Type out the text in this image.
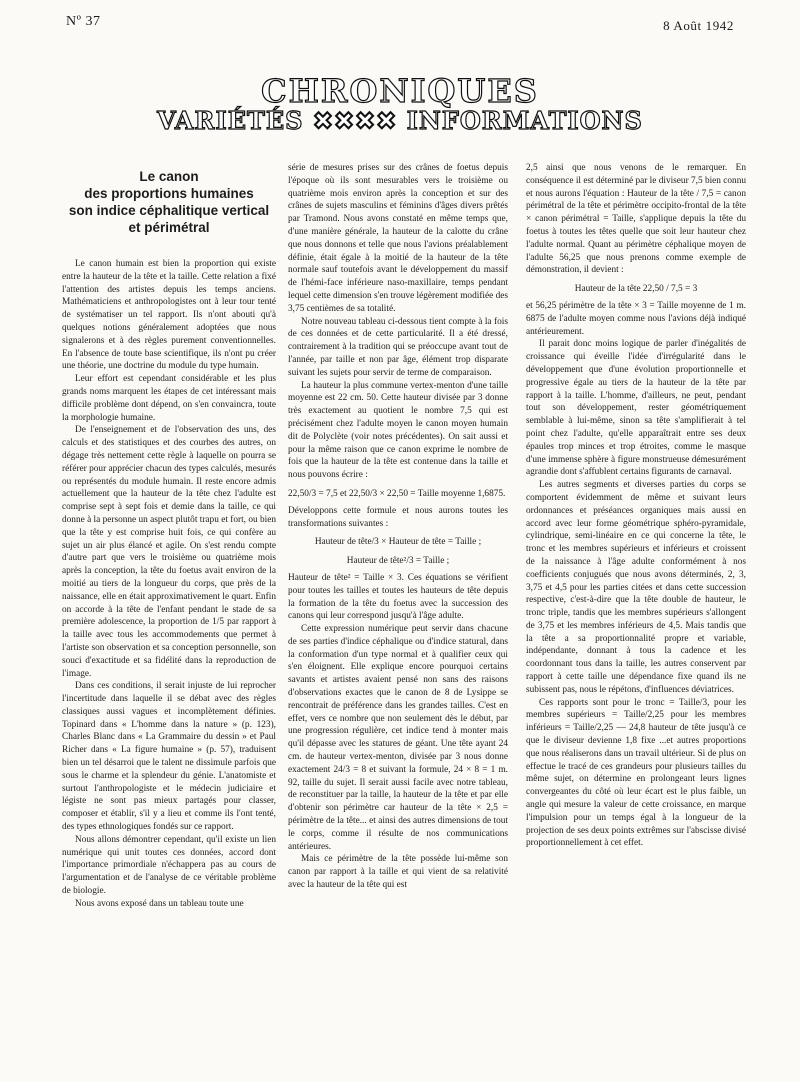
Nº 37	8 Août 1942
CHRONIQUES
VARIÉTÉS ✖✖✖✖ INFORMATIONS
Le canon
des proportions humaines
son indice céphalitique vertical
et périmétral

Le canon humain est bien la proportion qui existe entre la hauteur de la tête et la taille. Cette relation a fixé l'attention des artistes depuis les temps anciens. Mathématiciens et anthropologistes ont à leur tour tenté de systématiser un tel rapport. Ils n'ont abouti qu'à quelques notions généralement adoptées que nous signalerons et à des règles purement conventionnelles. En l'absence de toute base scientifique, ils n'ont pu créer une théorie, une doctrine du module du type humain.

Leur effort est cependant considérable et les plus grands noms marquent les étapes de cet intéressant mais difficile problème dont dépend, on s'en convaincra, toute la morphologie humaine.

De l'enseignement et de l'observation des uns, des calculs et des statistiques et des courbes des autres, on dégage très nettement cette règle à laquelle on pourra se référer pour apprécier chacun des types calculés, mesurés ou représentés du module humain. Il reste encore admis actuellement que la hauteur de la tête chez l'adulte est comprise sept à sept fois et demie dans la taille, ce qui donne à la personne un aspect plutôt trapu et fort, ou bien que la tête y est comprise huit fois, ce qui confère au sujet un air plus élancé et agile. On s'est rendu compte d'autre part que vers le troisième ou quatrième mois après la conception, la tête du foetus avait environ de la moitié au tiers de la longueur du corps, que près de la naissance, elle en était approximativement le quart. Enfin on accorde à la tête de l'enfant pendant le stade de sa première adolescence, la proportion de 1/5 par rapport à la taille avec tous les accommodements que permet à l'artiste son observation et sa conception personnelle, son souci d'exactitude et sa fidélité dans la reproduction de l'image.

Dans ces conditions, il serait injuste de lui reprocher l'incertitude dans laquelle il se débat avec des règles classiques aussi vagues et incomplètement définies. Topinard dans « L'homme dans la nature » (p. 123), Charles Blanc dans « La Grammaire du dessin » et Paul Richer dans « La figure humaine » (p. 57), traduisent bien un tel désarroi que le talent ne dissimule parfois que sous le charme et la splendeur du génie. L'anatomiste et surtout l'anthropologiste et le médecin judiciaire et légiste ne sont pas mieux partagés pour classer, composer et établir, s'il y a lieu et comme ils l'ont tenté, des types ethnologiques fondés sur ce rapport.

Nous allons démontrer cependant, qu'il existe un lien numérique qui unit toutes ces données, accord dont l'importance primordiale n'échappera pas au cours de l'argumentation et de l'analyse de ce véritable problème de biologie.

Nous avons exposé dans un tableau toute une

série de mesures prises sur des crânes de foetus depuis l'époque où ils sont mesurables vers le troisième ou quatrième mois environ après la conception et sur des crânes de sujets masculins et féminins d'âges divers prêtés par Tramond. Nous avons constaté en même temps que, d'une manière générale, la hauteur de la calotte du crâne que nous donnons et telle que nous l'avions préalablement définie, était égale à la moitié de la hauteur de la tête normale sauf toutefois avant le développement du massif de l'hémi-face inférieure naso-maxillaire, temps pendant lequel cette dimension s'en trouve légèrement modifiée des 3,75 centièmes de sa totalité.

Notre nouveau tableau ci-dessous tient compte à la fois de ces données et de cette particularité. Il a été dressé, contrairement à la tradition qui se préoccupe avant tout de l'année, par taille et non par âge, élément trop disparate suivant les sujets pour servir de terme de comparaison.

La hauteur la plus commune vertex-menton d'une taille moyenne est 22 cm. 50. Cette hauteur divisée par 3 donne très exactement au quotient le nombre 7,5 qui est précisément chez l'adulte moyen le canon moyen humain dit de Polyclète (voir notes précédentes). On sait aussi et pour la même raison que ce canon exprime le nombre de fois que la hauteur de la tête est contenue dans la taille et nous pouvons écrire :

22,50/3 = 7,5 et 22,50/3 × 22,50 = Taille moyenne 1,6875.

Développons cette formule et nous aurons toutes les transformations suivantes :

Hauteur de tête/3 × Hauteur de tête = Taille ;
Hauteur de tête²/3 = Taille ;

Hauteur de tête² = Taille × 3. Ces équations se vérifient pour toutes les tailles et toutes les hauteurs de tête depuis la formation de la tête du foetus avec la succession des canons qui leur correspond jusqu'à l'âge adulte.

Cette expression numérique peut servir dans chacune de ses parties d'indice céphalique ou d'indice statural, dans la conformation d'un type normal et à qualifier ceux qui s'en éloignent. Elle explique encore pourquoi certains savants et artistes avaient pensé non sans des raisons d'observations exactes que le canon de 8 de Lysippe se rencontrait de préférence dans les grandes tailles. C'est en effet, vers ce nombre que non seulement dès le début, par une progression régulière, cet indice tend à monter mais qu'il dépasse avec les statures de géant. Une tête ayant 24 cm. de hauteur vertex-menton, divisée par 3 nous donne exactement 24/3 = 8 et suivant la formule, 24 × 8 = 1 m. 92, taille du sujet. Il serait aussi facile avec notre tableau, de reconstituer par la taille, la hauteur de la tête et par elle d'obtenir son périmètre car hauteur de la tête × 2,5 = périmètre de la tête... et ainsi des autres dimensions de tout le corps, comme il résulte de nos communications antérieures.

Mais ce périmètre de la tête possède lui-même son canon par rapport à la taille et qui vient de sa relativité avec la hauteur de la tête qui est

2,5 ainsi que nous venons de le remarquer. En conséquence il est déterminé par le diviseur 7,5 bien connu et nous aurons l'équation : Hauteur de la tête / 7,5 = canon périmétral de la tête et périmètre occipito-frontal de la tête × canon périmétral = Taille, s'applique depuis la tête du foetus à toutes les têtes quelle que soit leur hauteur chez l'adulte normal. Quant au périmètre céphalique moyen de l'adulte 56,25 que nous prenons comme exemple de démonstration, il devient :

Hauteur de la tête 22,50 / 7,5 = 3

et 56,25 périmètre de la tête × 3 = Taille moyenne de 1 m. 6875 de l'adulte moyen comme nous l'avions déjà indiqué antérieurement.

Il parait donc moins logique de parler d'inégalités de croissance qui éveille l'idée d'irrégularité dans le développement que d'une évolution proportionnelle et progressive égale au tiers de la hauteur de la tête par rapport à la taille. L'homme, d'ailleurs, ne peut, pendant tout son développement, rester géométriquement semblable à lui-même, sinon sa tête s'amplifierait à tel point chez l'adulte, qu'elle apparaîtrait entre ses deux épaules trop minces et trop étroites, comme le masque d'une immense sphère à figure monstrueuse démesurément agrandie dont s'affublent certains figurants de carnaval.

Les autres segments et diverses parties du corps se comportent évidemment de même et suivant leurs ordonnances et préséances organiques mais aussi en accord avec leur forme géométrique sphéro-pyramidale, cylindrique, semi-linéaire en ce qui concerne la tête, le tronc et les membres supérieurs et inférieurs et croissent de la naissance à l'âge adulte conformément à nos coefficients conjugués que nous avons déterminés, 2, 3, 3,75 et 4,5 pour les parties citées et dans cette succession respective, c'est-à-dire que la tête double de hauteur, le tronc triple, tandis que les membres supérieurs s'allongent de 3,75 et les membres inférieurs de 4,5. Mais tandis que la tête a sa proportionnalité propre et variable, indépendante, donnant à tous la cadence et les coordonnant tous dans la taille, les autres conservent par rapport à cette taille une dépendance fixe quand ils ne subissent pas, nous le répétons, d'influences déviatrices.

Ces rapports sont pour le tronc = Taille/3, pour les membres supérieurs = Taille/2,25 pour les membres inférieurs = Taille/2,25 — 24,8 hauteur de tête jusqu'à ce que le diviseur devienne 1,8 fixe ...et autres proportions que nous réaliserons dans un travail ultérieur. Si de plus on effectue le tracé de ces grandeurs pour plusieurs tailles du même sujet, on détermine en prolongeant leurs lignes convergeantes du côté où leur écart est le plus faible, un angle qui mesure la valeur de cette croissance, en marque l'impulsion pour un temps égal à la longueur de la projection de ses deux points extrêmes sur l'abscisse divisé proportionnellement à cet effet.
